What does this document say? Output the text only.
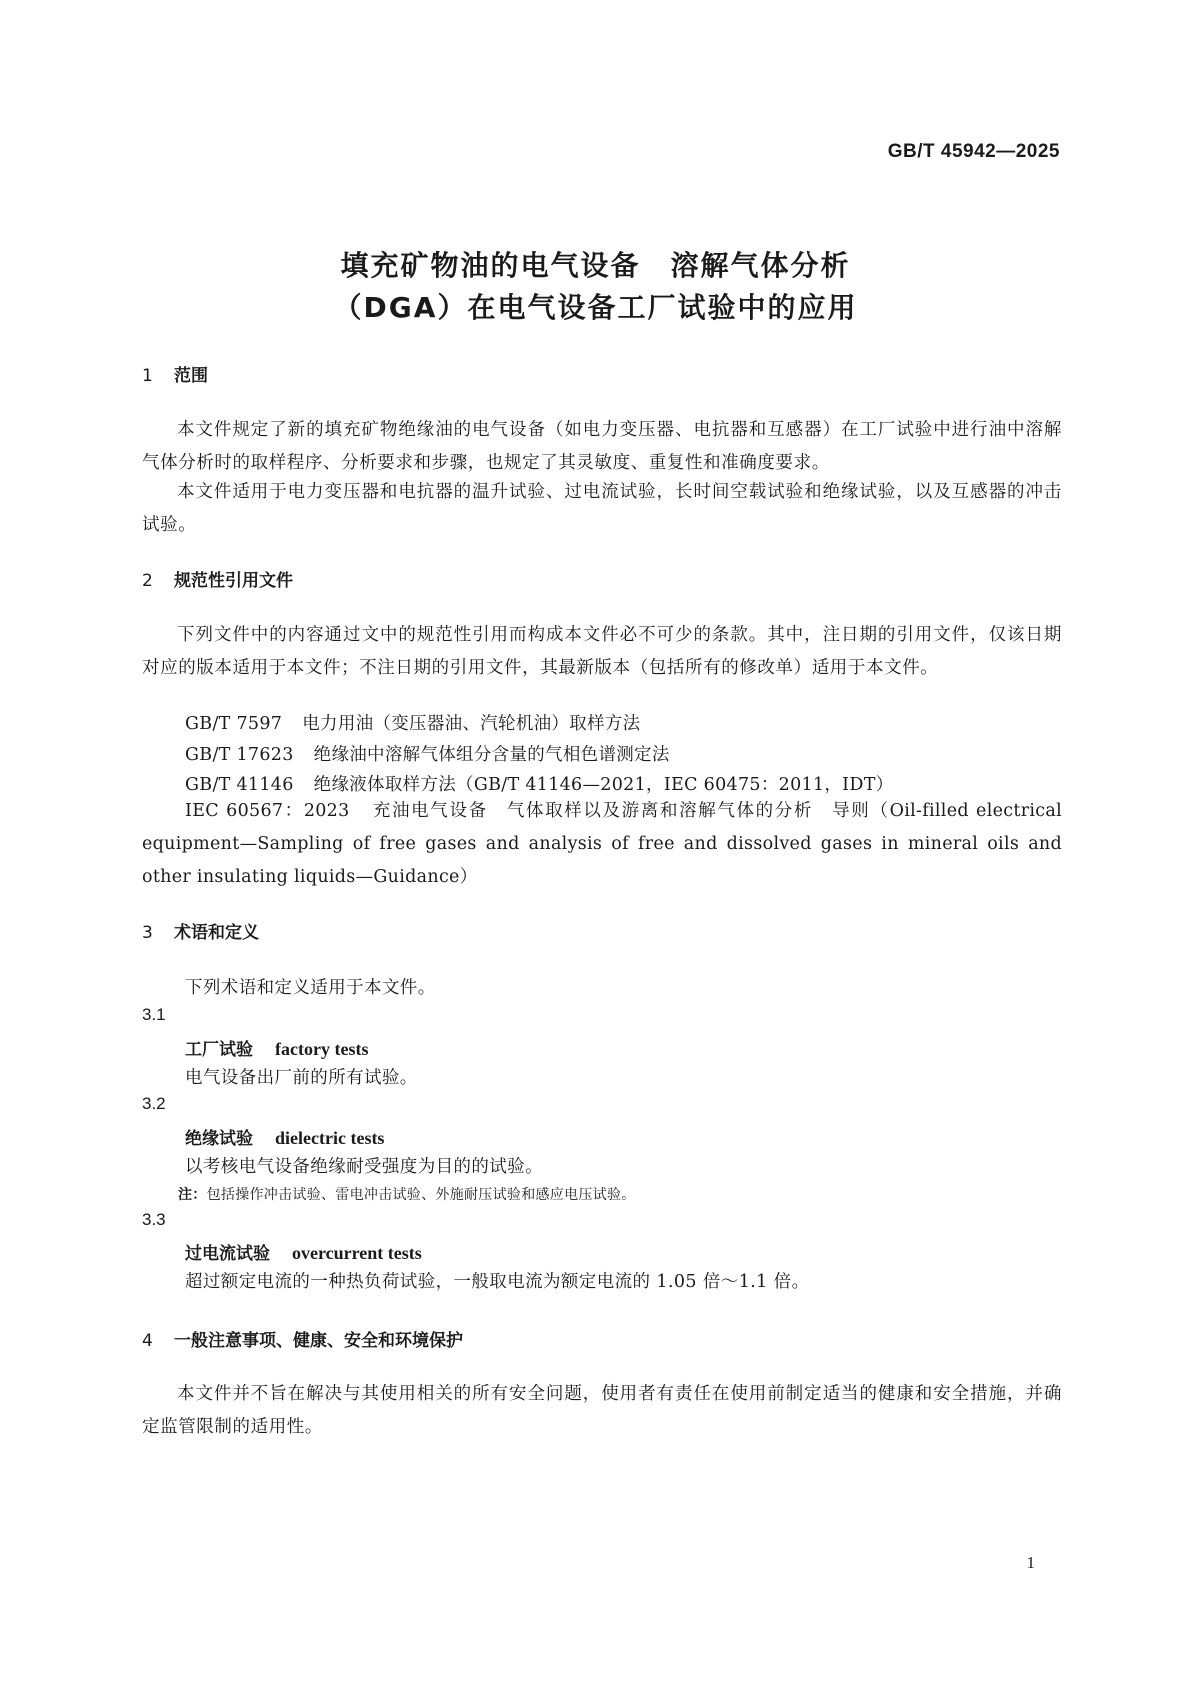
GB/T 45942—2025
填充矿物油的电气设备　溶解气体分析
（DGA）在电气设备工厂试验中的应用
1 范围
本文件规定了新的填充矿物绝缘油的电气设备（如电力变压器、电抗器和互感器）在工厂试验中进行油中溶解气体分析时的取样程序、分析要求和步骤，也规定了其灵敏度、重复性和准确度要求。
本文件适用于电力变压器和电抗器的温升试验、过电流试验，长时间空载试验和绝缘试验，以及互感器的冲击试验。
2 规范性引用文件
下列文件中的内容通过文中的规范性引用而构成本文件必不可少的条款。其中，注日期的引用文件，仅该日期对应的版本适用于本文件；不注日期的引用文件，其最新版本（包括所有的修改单）适用于本文件。
GB/T 7597 电力用油（变压器油、汽轮机油）取样方法
GB/T 17623 绝缘油中溶解气体组分含量的气相色谱测定法
GB/T 41146 绝缘液体取样方法（GB/T 41146—2021，IEC 60475：2011，IDT）
IEC 60567：2023 充油电气设备　气体取样以及游离和溶解气体的分析　导则（Oil-filled electrical equipment—Sampling of free gases and analysis of free and dissolved gases in mineral oils and other insulating liquids—Guidance）
3 术语和定义
下列术语和定义适用于本文件。
3.1
工厂试验 factory tests
电气设备出厂前的所有试验。
3.2
绝缘试验 dielectric tests
以考核电气设备绝缘耐受强度为目的的试验。
注：包括操作冲击试验、雷电冲击试验、外施耐压试验和感应电压试验。
3.3
过电流试验 overcurrent tests
超过额定电流的一种热负荷试验，一般取电流为额定电流的 1.05 倍～1.1 倍。
4 一般注意事项、健康、安全和环境保护
本文件并不旨在解决与其使用相关的所有安全问题，使用者有责任在使用前制定适当的健康和安全措施，并确定监管限制的适用性。
1
